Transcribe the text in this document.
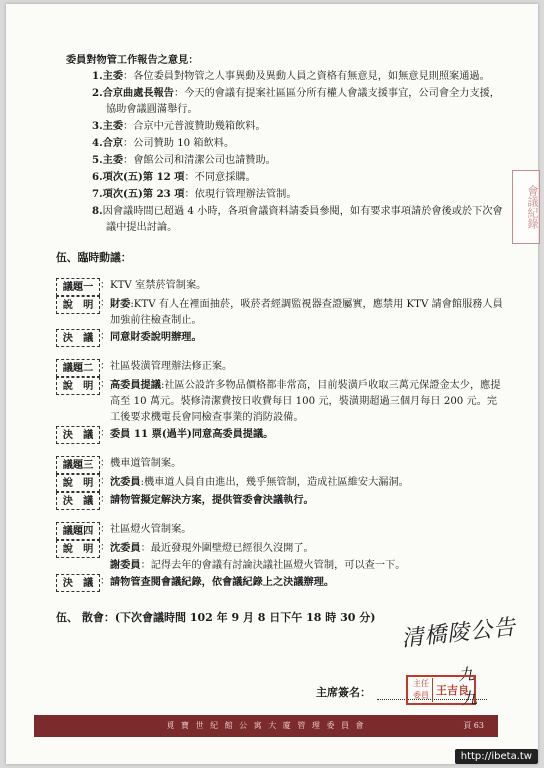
委員對物管工作報告之意見：
1.主委：各位委員對物管之人事異動及異動人員之資格有無意見，如無意見則照案通過。
2.合京曲處長報告：今天的會議有提案社區區分所有權人會議支援事宜，公司會全力支援，協助會議圓滿舉行。
3.主委：合京中元普渡贊助幾箱飲料。
4.合京：公司贊助 10 箱飲料。
5.主委：會館公司和清潔公司也請贊助。
6.項次(五)第 12 項：不同意採購。
7.項次(五)第 23 項：依現行管理辦法管制。
8.因會議時間已超過 4 小時，各項會議資料請委員參閱，如有要求事項請於會後或於下次會議中提出討論。
伍、臨時動議：
議題一 ： KTV 室禁菸管制案。
說　明 ： 財委:KTV 有人在裡面抽菸，吸菸者經調監視器查證屬實，應禁用 KTV 請會館服務人員加強前往檢查制止。
決　議 ： 同意財委說明辦理。
議題二 ： 社區裝潢管理辦法修正案。
說　明 ： 高委員提議:社區公設許多物品價格都非常高，目前裝潢戶收取三萬元保證金太少，應提高至 10 萬元。裝修清潔費按日收費每日 100 元，裝潢期超過三個月每日 200 元。完工後要求機電長會同檢查事業的消防設備。
決　議 ： 委員 11 票(過半)同意高委員提議。
議題三 ： 機車道管制案。
說　明 ： 沈委員:機車道人員自由進出，幾乎無管制，造成社區維安大漏洞。
決　議 ： 請物管擬定解決方案，提供管委會決議執行。
議題四 ： 社區燈火管制案。
說　明 ： 沈委員：最近發現外圍壁燈已經很久沒開了。
謝委員：記得去年的會議有討論決議社區燈火管制，可以查一下。
決　議 ： 請物管查閱會議紀錄，依會議紀錄上之決議辦理。
伍、 散會：(下次會議時間 102 年 9 月 8 日下午 18 時 30 分)	清橋陵公告
九
主席簽名：
主任
委員 王吉良
九
覓 寶 世 紀 館 公 寓 大 廈 管 理 委 員 會	頁 63
會議紀錄
http://ibeta.tw
